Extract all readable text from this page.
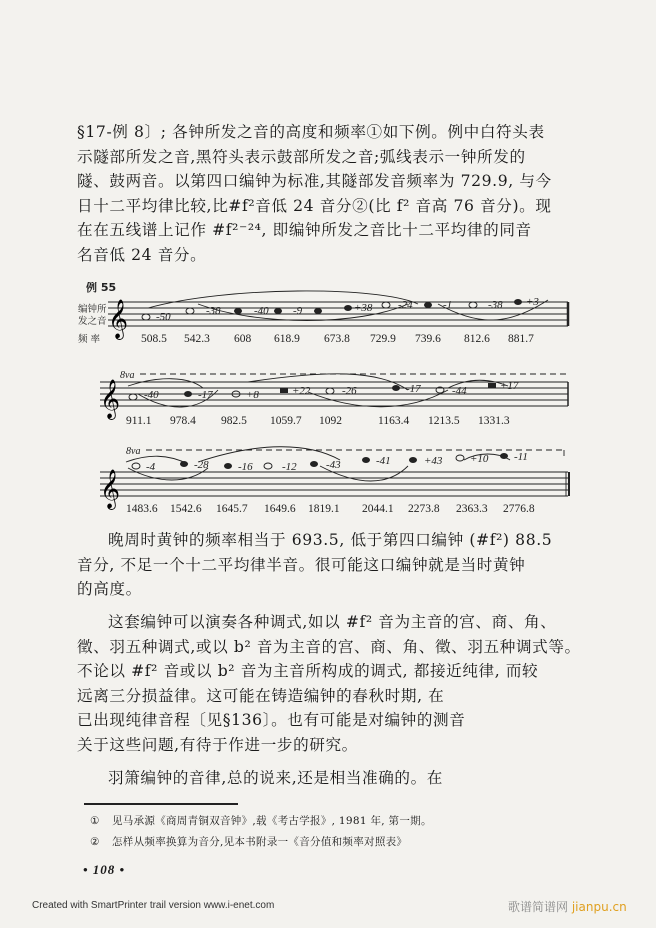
§17-例 8〕; 各钟所发之音的高度和频率①如下例。例中白符头表
示隧部所发之音,黑符头表示鼓部所发之音;弧线表示一钟所发的
隧、鼓两音。以第四口编钟为标准,其隧部发音频率为 729.9, 与今
日十二平均律比较,比#f²音低 24 音分②(比 f² 音高 76 音分)。现
在在五线谱上记作 #f²⁻²⁴, 即编钟所发之音比十二平均律的同音
名音低 24 音分。
例 55
编钟所
发之音
频 率
𝄞	-50	-38	-40 -9	+38 -24	-1	-38 +3
508.5 542.3 608 618.9 673.8 729.9 739.6 812.6 881.7
8va
𝄞 -40	-17	+8	+22	-26	-17	-44	+17
911.1 978.4 982.5 1059.7 1092	1163.4 1213.5 1331.3
8va
𝄞
-4	-28	-16	-12	-43	-41	+43	+10 -11
1483.6 1542.6 1645.7 1649.6 1819.1 2044.1 2273.8 2363.3 2776.8
晚周时黄钟的频率相当于 693.5, 低于第四口编钟 (#f²) 88.5
音分, 不足一个十二平均律半音。很可能这口编钟就是当时黄钟
的高度。
这套编钟可以演奏各种调式,如以 #f² 音为主音的宫、商、角、
徵、羽五种调式,或以 b² 音为主音的宫、商、角、徵、羽五种调式等。
不论以 #f² 音或以 b² 音为主音所构成的调式, 都接近纯律, 而较
远离三分损益律。这可能在铸造编钟的春秋时期, 在
已出现纯律音程〔见§136〕。也有可能是对编钟的测音
关于这些问题,有待于作进一步的研究。
羽箫编钟的音律,总的说来,还是相当准确的。在
① 见马承源《商周青铜双音钟》,载《考古学报》, 1981 年, 第一期。
② 怎样从频率换算为音分,见本书附录一《音分值和频率对照表》
• 108 •
Created with SmartPrinter trail version www.i-enet.com	歌谱简谱网 jianpu.cn
